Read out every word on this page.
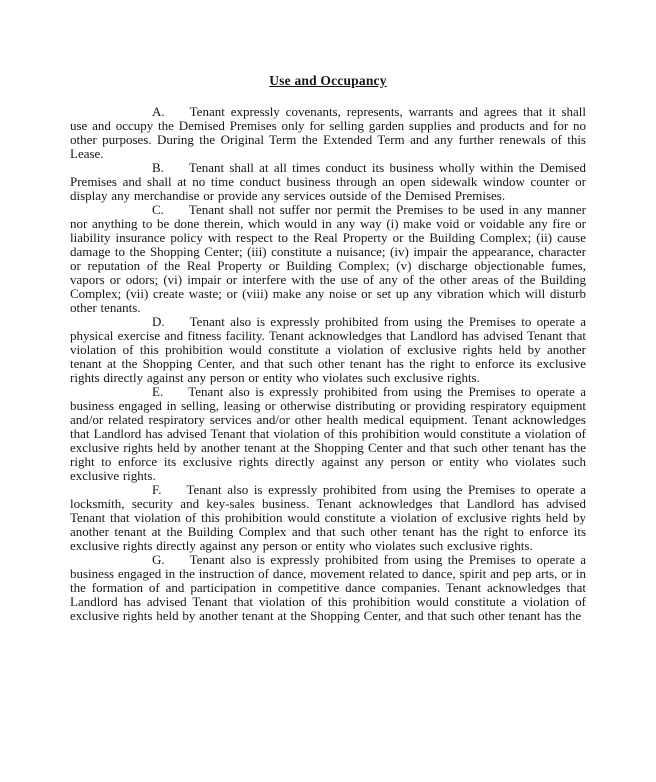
Use and Occupancy

A. Tenant expressly covenants, represents, warrants and agrees that it shall use and occupy the Demised Premises only for selling garden supplies and products and for no other purposes. During the Original Term the Extended Term and any further renewals of this Lease.

B. Tenant shall at all times conduct its business wholly within the Demised Premises and shall at no time conduct business through an open sidewalk window counter or display any merchandise or provide any services outside of the Demised Premises.

C. Tenant shall not suffer nor permit the Premises to be used in any manner nor anything to be done therein, which would in any way (i) make void or voidable any fire or liability insurance policy with respect to the Real Property or the Building Complex; (ii) cause damage to the Shopping Center; (iii) constitute a nuisance; (iv) impair the appearance, character or reputation of the Real Property or Building Complex; (v) discharge objectionable fumes, vapors or odors; (vi) impair or interfere with the use of any of the other areas of the Building Complex; (vii) create waste; or (viii) make any noise or set up any vibration which will disturb other tenants.

D. Tenant also is expressly prohibited from using the Premises to operate a physical exercise and fitness facility. Tenant acknowledges that Landlord has advised Tenant that violation of this prohibition would constitute a violation of exclusive rights held by another tenant at the Shopping Center, and that such other tenant has the right to enforce its exclusive rights directly against any person or entity who violates such exclusive rights.

E. Tenant also is expressly prohibited from using the Premises to operate a business engaged in selling, leasing or otherwise distributing or providing respiratory equipment and/or related respiratory services and/or other health medical equipment. Tenant acknowledges that Landlord has advised Tenant that violation of this prohibition would constitute a violation of exclusive rights held by another tenant at the Shopping Center and that such other tenant has the right to enforce its exclusive rights directly against any person or entity who violates such exclusive rights.

F. Tenant also is expressly prohibited from using the Premises to operate a locksmith, security and key-sales business. Tenant acknowledges that Landlord has advised Tenant that violation of this prohibition would constitute a violation of exclusive rights held by another tenant at the Building Complex and that such other tenant has the right to enforce its exclusive rights directly against any person or entity who violates such exclusive rights.

G. Tenant also is expressly prohibited from using the Premises to operate a business engaged in the instruction of dance, movement related to dance, spirit and pep arts, or in the formation of and participation in competitive dance companies. Tenant acknowledges that Landlord has advised Tenant that violation of this prohibition would constitute a violation of exclusive rights held by another tenant at the Shopping Center, and that such other tenant has the
